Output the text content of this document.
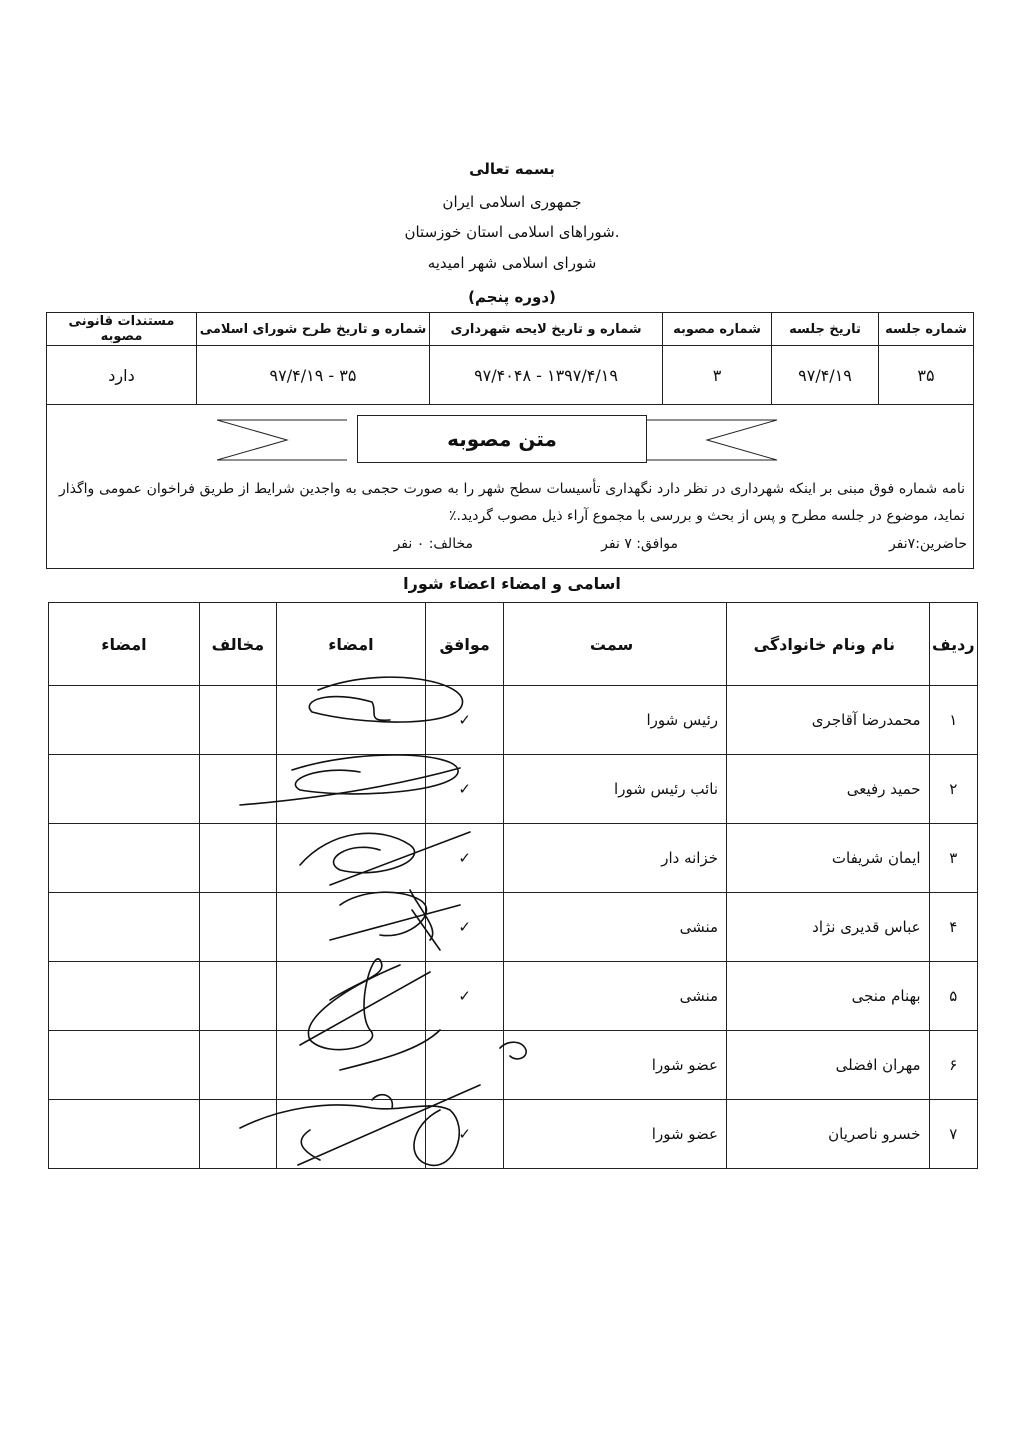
بسمه تعالی
جمهوری اسلامی ایران
شوراهای اسلامی استان خوزستان.
شورای اسلامی شهر امیدیه
(دوره پنجم)
شماره جلسه	تاریخ جلسه	شماره مصوبه	شماره و تاریخ لایحه شهرداری	شماره و تاریخ طرح شورای اسلامی	مستندات قانونی مصوبه
۳۵	۹۷/۴/۱۹	۳	۱۳۹۷/۴/۱۹ - ۹۷/۴۰۴۸	۳۵ - ۹۷/۴/۱۹	دارد
متن مصوبه
نامه شماره فوق مبنی بر اینکه شهرداری در نظر دارد نگهداری تأسیسات سطح شهر را به صورت حجمی به واجدین شرایط از طریق فراخوان عمومی واگذار نماید، موضوع در جلسه مطرح و پس از بحث و بررسی با مجموع آراء ذیل مصوب گردید.٪
حاضرین:۷نفر
موافق: ۷ نفر
مخالف: ۰ نفر
اسامی و امضاء اعضاء شورا
ردیف	نام ونام خانوادگی	سمت	موافق	امضاء	مخالف	امضاء
۱	محمدرضا آقاجری	رئیس شورا	✓			
۲	حمید رفیعی	نائب رئیس شورا	✓			
۳	ایمان شریفات	خزانه دار	✓			
۴	عباس قدیری نژاد	منشی	✓			
۵	بهنام منجی	منشی	✓			
۶	مهران افضلی	عضو شورا				
۷	خسرو ناصریان	عضو شورا	✓			
